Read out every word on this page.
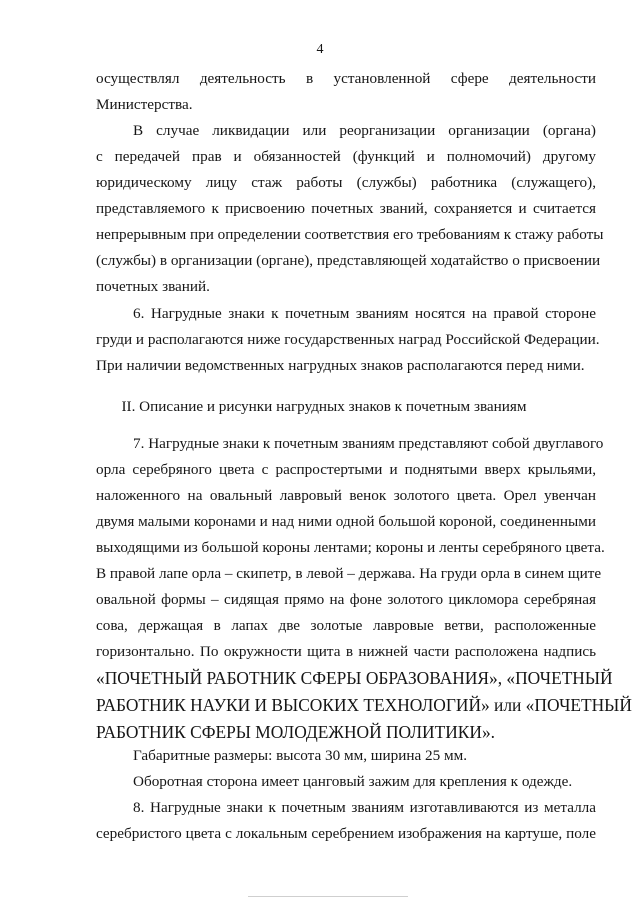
4
осуществлял деятельность в установленной сфере деятельности
Министерства.
В случае ликвидации или реорганизации организации (органа)
с передачей прав и обязанностей (функций и полномочий) другому
юридическому лицу стаж работы (службы) работника (служащего),
представляемого к присвоению почетных званий, сохраняется и считается
непрерывным при определении соответствия его требованиям к стажу работы
(службы) в организации (органе), представляющей ходатайство о присвоении
почетных званий.
6. Нагрудные знаки к почетным званиям носятся на правой стороне
груди и располагаются ниже государственных наград Российской Федерации.
При наличии ведомственных нагрудных знаков располагаются перед ними.
II. Описание и рисунки нагрудных знаков к почетным званиям
7. Нагрудные знаки к почетным званиям представляют собой двуглавого
орла серебряного цвета с распростертыми и поднятыми вверх крыльями,
наложенного на овальный лавровый венок золотого цвета. Орел увенчан
двумя малыми коронами и над ними одной большой короной, соединенными
выходящими из большой короны лентами; короны и ленты серебряного цвета.
В правой лапе орла – скипетр, в левой – держава. На груди орла в синем щите
овальной формы – сидящая прямо на фоне золотого цикломора серебряная
сова, держащая в лапах две золотые лавровые ветви, расположенные
горизонтально. По окружности щита в нижней части расположена надпись
«ПОЧЕТНЫЙ РАБОТНИК СФЕРЫ ОБРАЗОВАНИЯ», «ПОЧЕТНЫЙ
РАБОТНИК НАУКИ И ВЫСОКИХ ТЕХНОЛОГИЙ» или «ПОЧЕТНЫЙ
РАБОТНИК СФЕРЫ МОЛОДЕЖНОЙ ПОЛИТИКИ».
Габаритные размеры: высота 30 мм, ширина 25 мм.
Оборотная сторона имеет цанговый зажим для крепления к одежде.
8. Нагрудные знаки к почетным званиям изготавливаются из металла
серебристого цвета с локальным серебрением изображения на картуше, поле
